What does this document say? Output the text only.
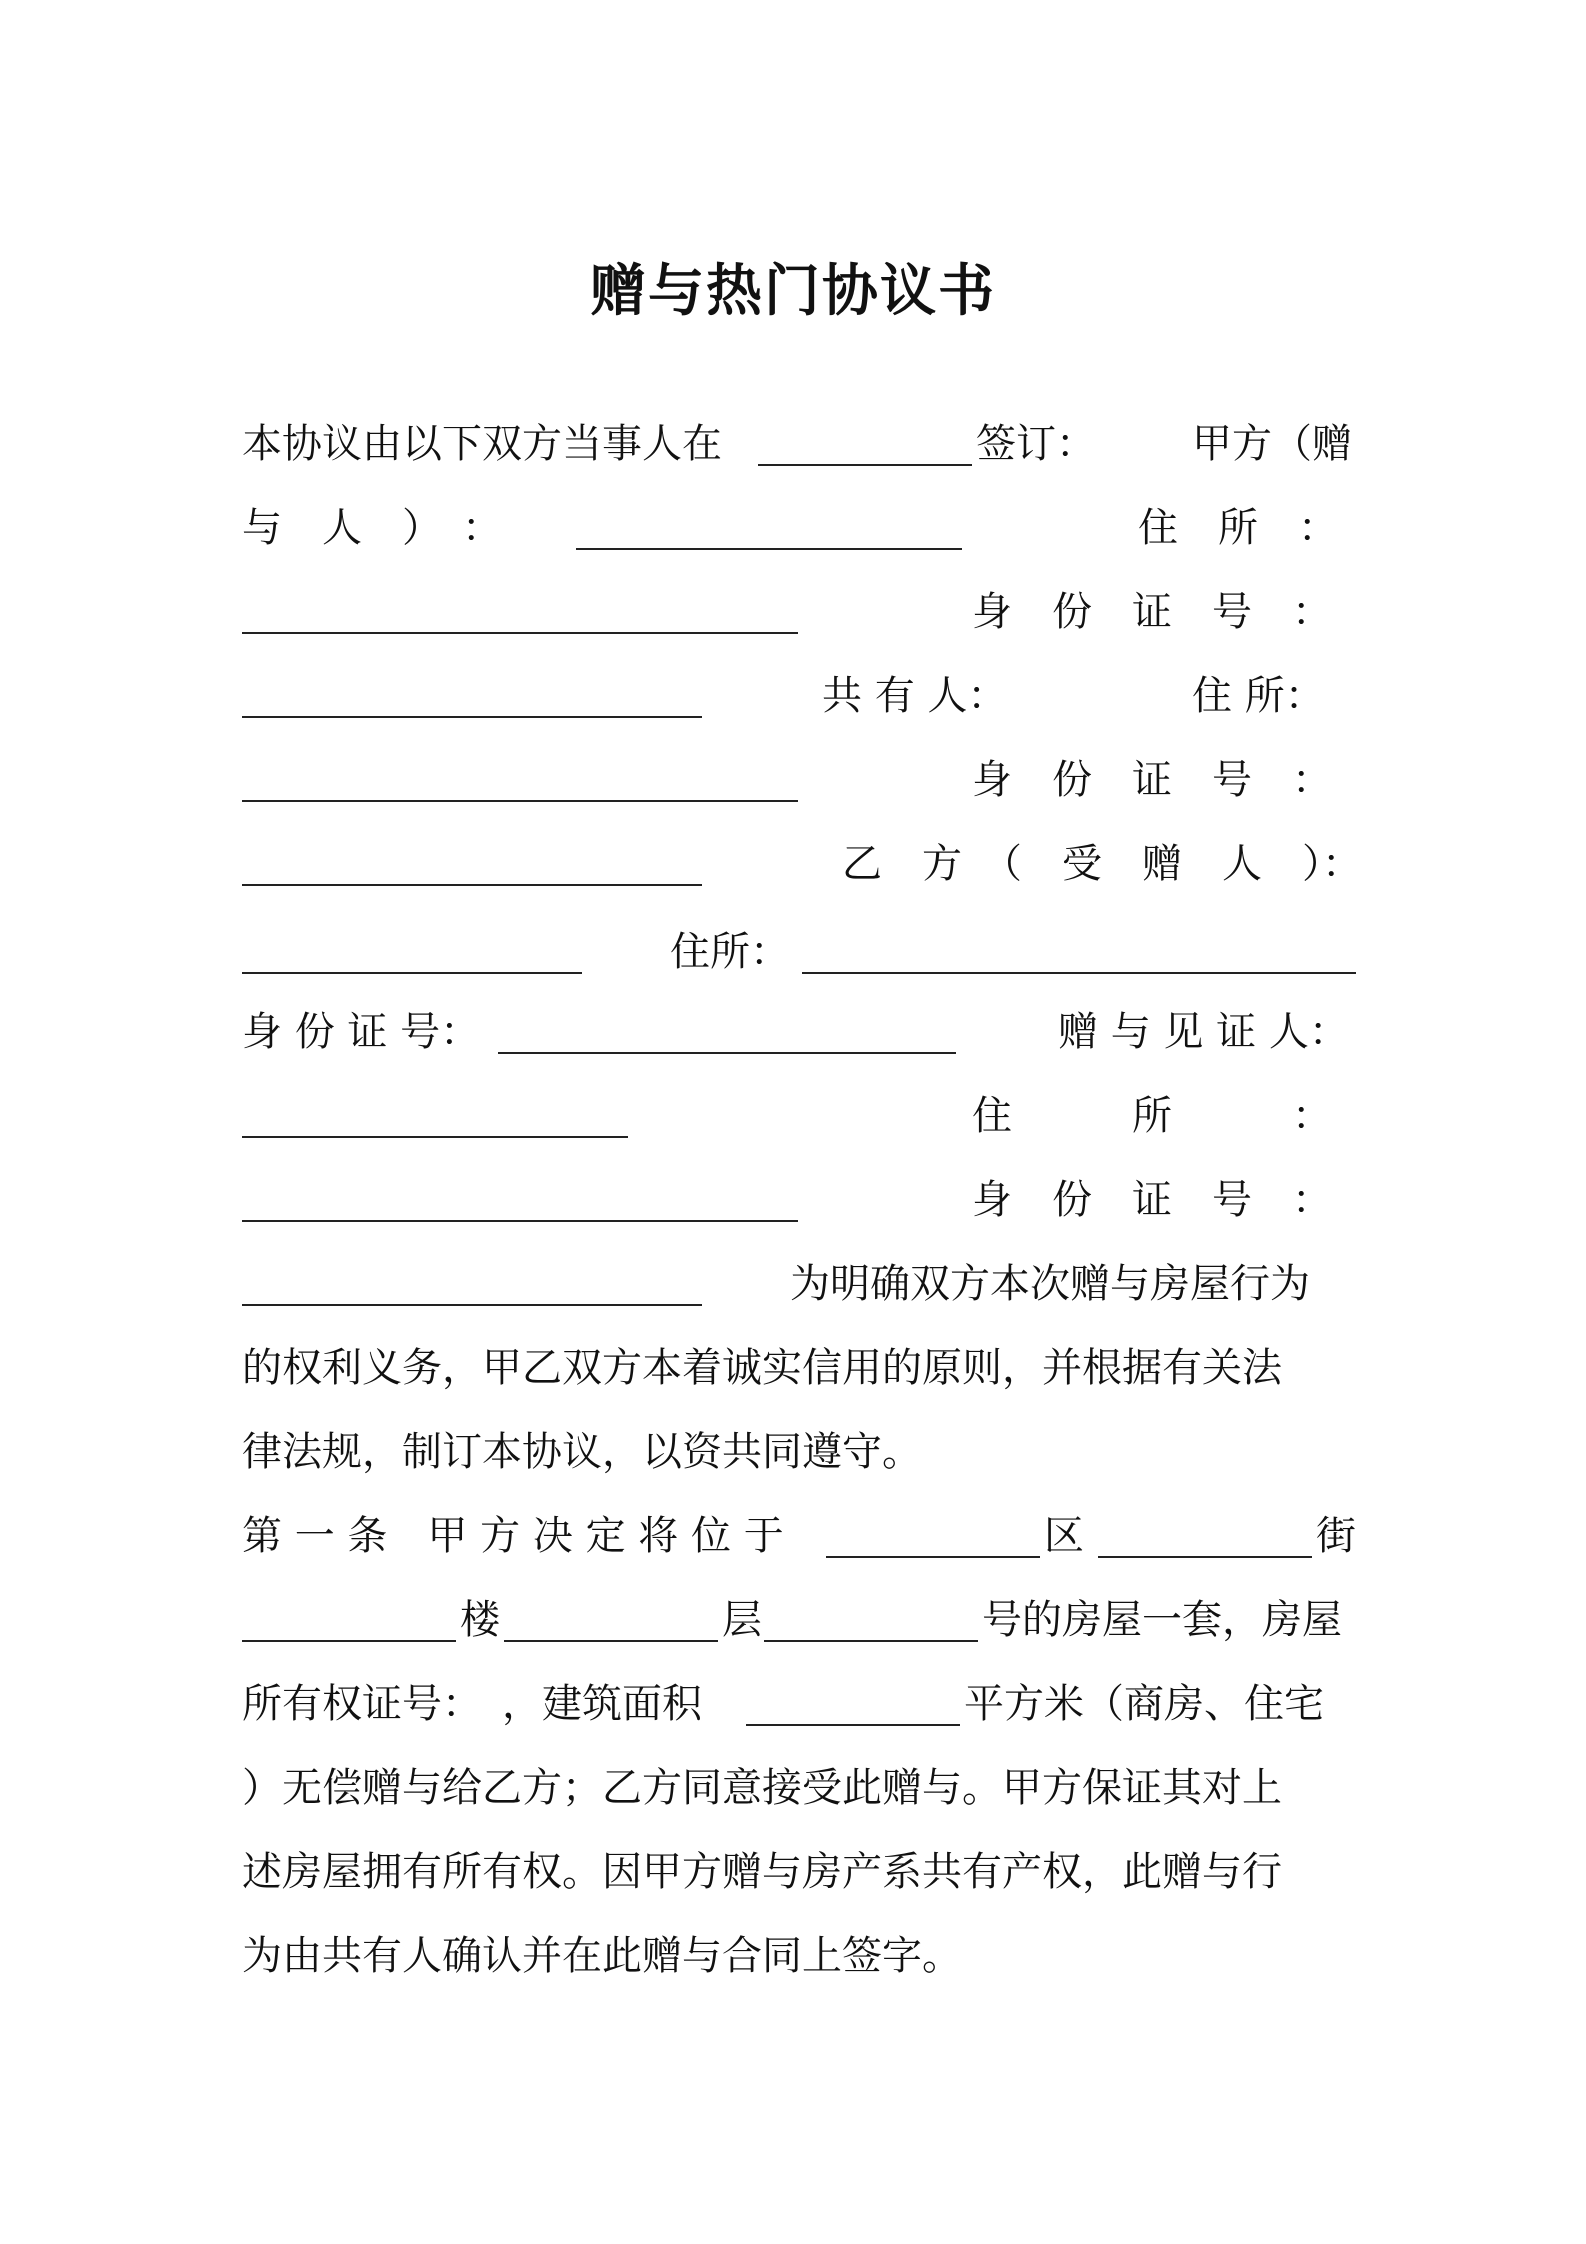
赠与热门协议书
本协议由以下双方当事人在	签订： 甲方（赠
与　人　）　：	住　所　：
身　份　证　号　：
共 有 人：	住 所：
身　份　证　号　：
乙　方　（　受　赠　人　）：
住所：
身 份 证 号：	赠 与 见 证 人：
住　　　所　　　：
身　份　证　号　：
为明确双方本次赠与房屋行为
的权利义务，甲乙双方本着诚实信用的原则，并根据有关法
律法规，制订本协议，以资共同遵守。
第 一 条　甲 方 决 定 将 位 于	区	街
楼	层	号的房屋一套，房屋
所有权证号：　，建筑面积	平方米（商房、住宅
）无偿赠与给乙方；乙方同意接受此赠与。甲方保证其对上
述房屋拥有所有权。因甲方赠与房产系共有产权，此赠与行
为由共有人确认并在此赠与合同上签字。
